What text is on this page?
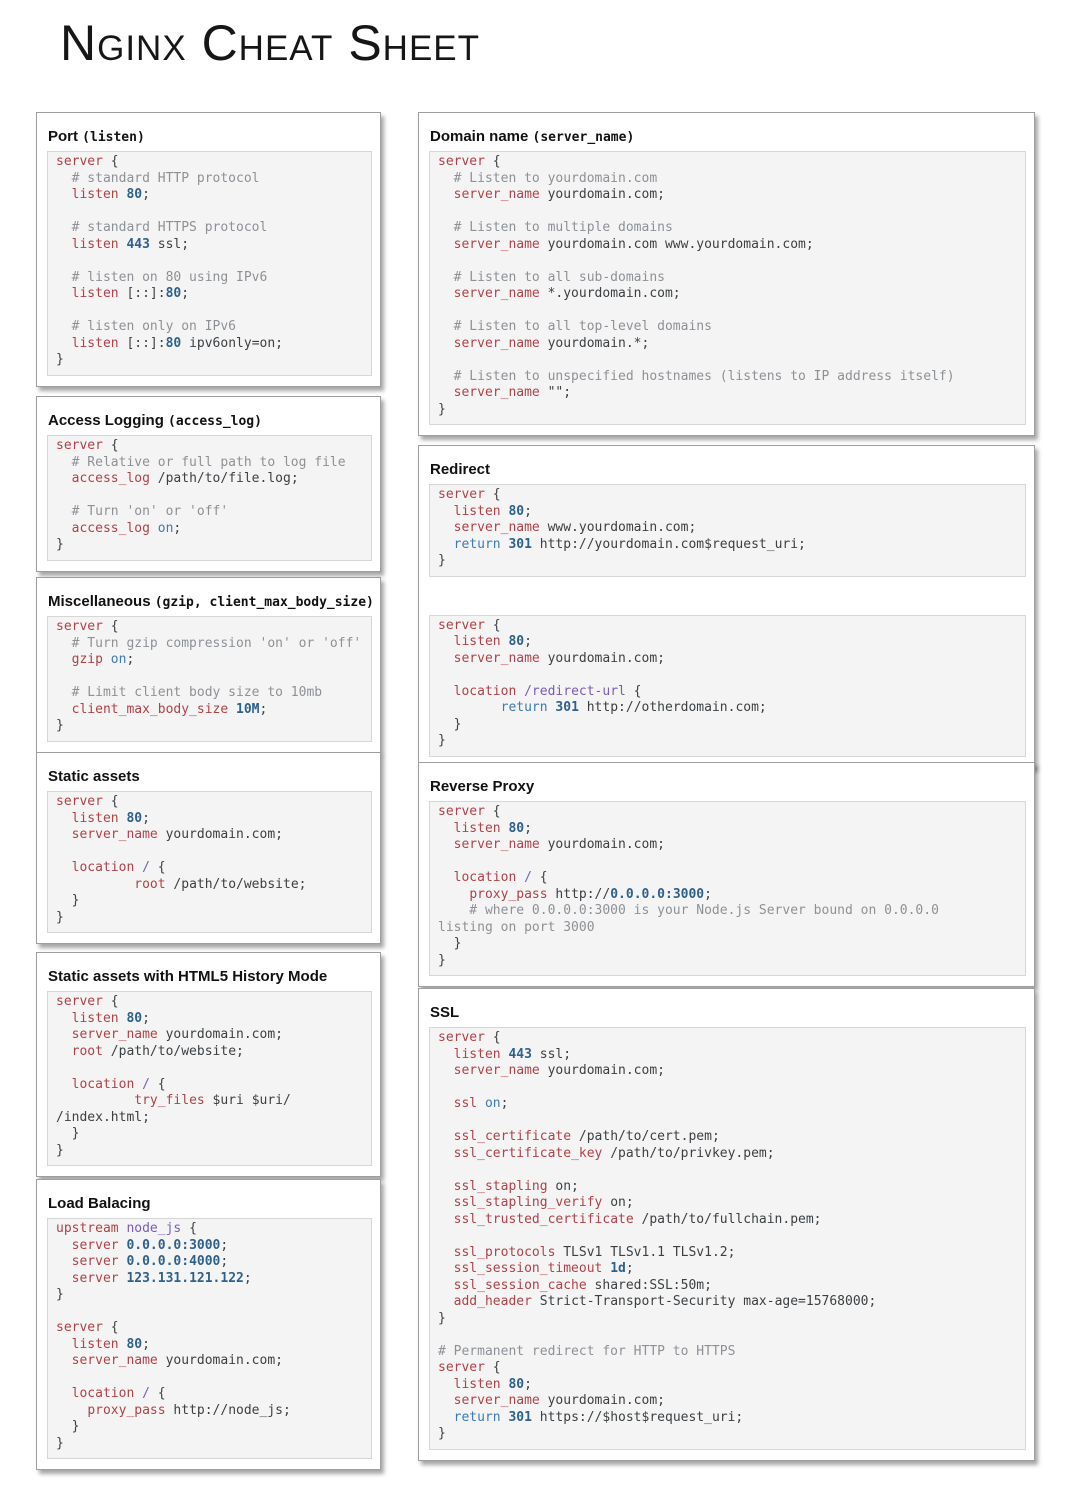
Nginx Cheat Sheet
Port (listen)
server {
# standard HTTP protocol
listen 80;
# standard HTTPS protocol
listen 443 ssl;
# listen on 80 using IPv6
listen [::]:80;
# listen only on IPv6
listen [::]:80 ipv6only=on;
}
Access Logging (access_log)
server {
# Relative or full path to log file
access_log /path/to/file.log;
# Turn 'on' or 'off'
access_log on;
}
Miscellaneous (gzip, client_max_body_size)
server {
# Turn gzip compression 'on' or 'off'
gzip on;
# Limit client body size to 10mb
client_max_body_size 10M;
}
Static assets
server {
listen 80;
server_name yourdomain.com;
location / {
root /path/to/website;
}
}
Static assets with HTML5 History Mode
server {
listen 80;
server_name yourdomain.com;
root /path/to/website;
location / {
try_files $uri $uri/
/index.html;
}
}
Load Balacing
upstream node_js {
server 0.0.0.0:3000;
server 0.0.0.0:4000;
server 123.131.121.122;
}
server {
listen 80;
server_name yourdomain.com;
location / {
proxy_pass http://node_js;
}
}
Domain name (server_name)
server {
# Listen to yourdomain.com
server_name yourdomain.com;
# Listen to multiple domains
server_name yourdomain.com www.yourdomain.com;
# Listen to all sub-domains
server_name *.yourdomain.com;
# Listen to all top-level domains
server_name yourdomain.*;
# Listen to unspecified hostnames (listens to IP address itself)
server_name "";
}
Redirect
server {
listen 80;
server_name www.yourdomain.com;
return 301 http://yourdomain.com$request_uri;
}
server {
listen 80;
server_name yourdomain.com;
location /redirect-url {
return 301 http://otherdomain.com;
}
}
Reverse Proxy
server {
listen 80;
server_name yourdomain.com;
location / {
proxy_pass http://0.0.0.0:3000;
# where 0.0.0.0:3000 is your Node.js Server bound on 0.0.0.0
listing on port 3000
}
}
SSL
server {
listen 443 ssl;
server_name yourdomain.com;
ssl on;
ssl_certificate /path/to/cert.pem;
ssl_certificate_key /path/to/privkey.pem;
ssl_stapling on;
ssl_stapling_verify on;
ssl_trusted_certificate /path/to/fullchain.pem;
ssl_protocols TLSv1 TLSv1.1 TLSv1.2;
ssl_session_timeout 1d;
ssl_session_cache shared:SSL:50m;
add_header Strict-Transport-Security max-age=15768000;
}
# Permanent redirect for HTTP to HTTPS
server {
listen 80;
server_name yourdomain.com;
return 301 https://$host$request_uri;
}
